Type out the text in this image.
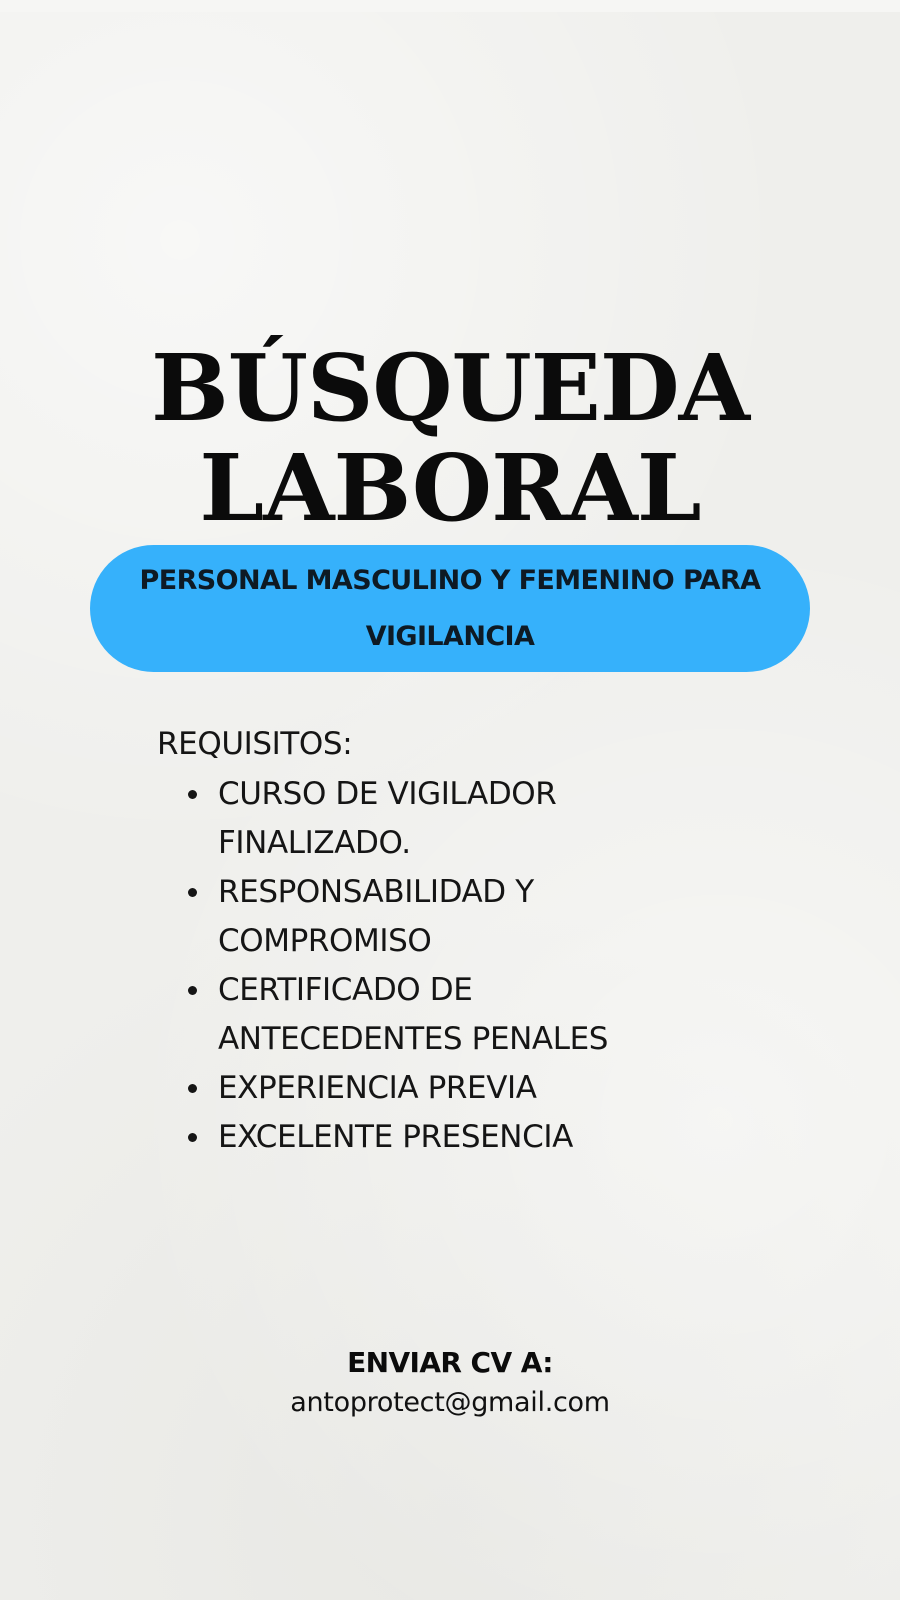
BÚSQUEDA
LABORAL
PERSONAL MASCULINO Y FEMENINO PARA VIGILANCIA
REQUISITOS:
CURSO DE VIGILADOR FINALIZADO.
RESPONSABILIDAD Y COMPROMISO
CERTIFICADO DE ANTECEDENTES PENALES
EXPERIENCIA PREVIA
EXCELENTE PRESENCIA
ENVIAR CV A:
antoprotect@gmail.com
